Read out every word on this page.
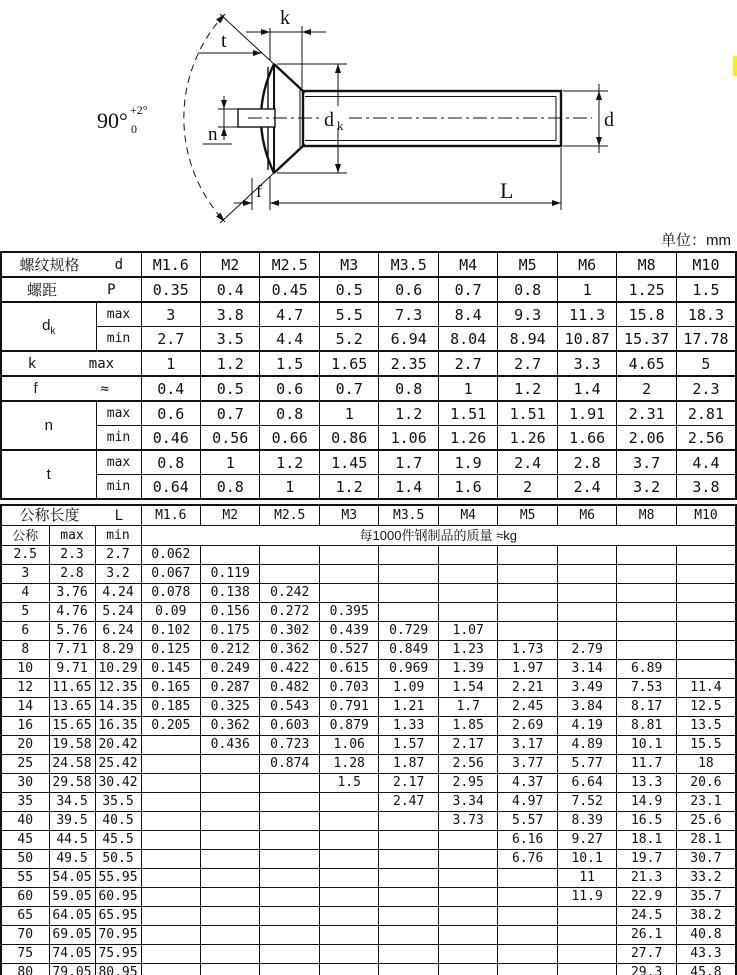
k
t
n
d k	d
f	L
90° +2°
0
单位：mm
螺纹规格 d		M1.6	M2	M2.5	M3	M3.5	M4	M5	M6	M8	M10

螺距 P		0.35	0.4	0.45	0.5	0.6	0.7	0.8	1	1.25	1.5

$d_k$	max	3	3.8	4.7	5.5	7.3	8.4	9.3	11.3	15.8	18.3
	min	2.7	3.5	4.4	5.2	6.94	8.04	8.94	10.87	15.37	17.78

k max		1	1.2	1.5	1.65	2.35	2.7	2.7	3.3	4.65	5

f ≈		0.4	0.5	0.6	0.7	0.8	1	1.2	1.4	2	2.3

n	max	0.6	0.7	0.8	1	1.2	1.51	1.51	1.91	2.31	2.81
	min	0.46	0.56	0.66	0.86	1.06	1.26	1.26	1.66	2.06	2.56

t	max	0.8	1	1.2	1.45	1.7	1.9	2.4	2.8	3.7	4.4
	min	0.64	0.8	1	1.2	1.4	1.6	2	2.4	3.2	3.8
公称长度 L			M1.6	M2	M2.5	M3	M3.5	M4	M5	M6	M8	M10
公称	max	min	每1000件钢制品的质量 ≈kg									
2.5	2.3	2.7	0.062									
3	2.8	3.2	0.067	0.119								
4	3.76	4.24	0.078	0.138	0.242							
5	4.76	5.24	0.09	0.156	0.272	0.395						
6	5.76	6.24	0.102	0.175	0.302	0.439	0.729	1.07				
8	7.71	8.29	0.125	0.212	0.362	0.527	0.849	1.23	1.73	2.79		
10	9.71	10.29	0.145	0.249	0.422	0.615	0.969	1.39	1.97	3.14	6.89	
12	11.65	12.35	0.165	0.287	0.482	0.703	1.09	1.54	2.21	3.49	7.53	11.4
14	13.65	14.35	0.185	0.325	0.543	0.791	1.21	1.7	2.45	3.84	8.17	12.5
16	15.65	16.35	0.205	0.362	0.603	0.879	1.33	1.85	2.69	4.19	8.81	13.5
20	19.58	20.42		0.436	0.723	1.06	1.57	2.17	3.17	4.89	10.1	15.5
25	24.58	25.42			0.874	1.28	1.87	2.56	3.77	5.77	11.7	18
30	29.58	30.42				1.5	2.17	2.95	4.37	6.64	13.3	20.6
35	34.5	35.5					2.47	3.34	4.97	7.52	14.9	23.1
40	39.5	40.5						3.73	5.57	8.39	16.5	25.6
45	44.5	45.5							6.16	9.27	18.1	28.1
50	49.5	50.5							6.76	10.1	19.7	30.7
55	54.05	55.95								11	21.3	33.2
60	59.05	60.95								11.9	22.9	35.7
65	64.05	65.95									24.5	38.2
70	69.05	70.95									26.1	40.8
75	74.05	75.95									27.7	43.3
80	79.05	80.95									29.3	45.8
